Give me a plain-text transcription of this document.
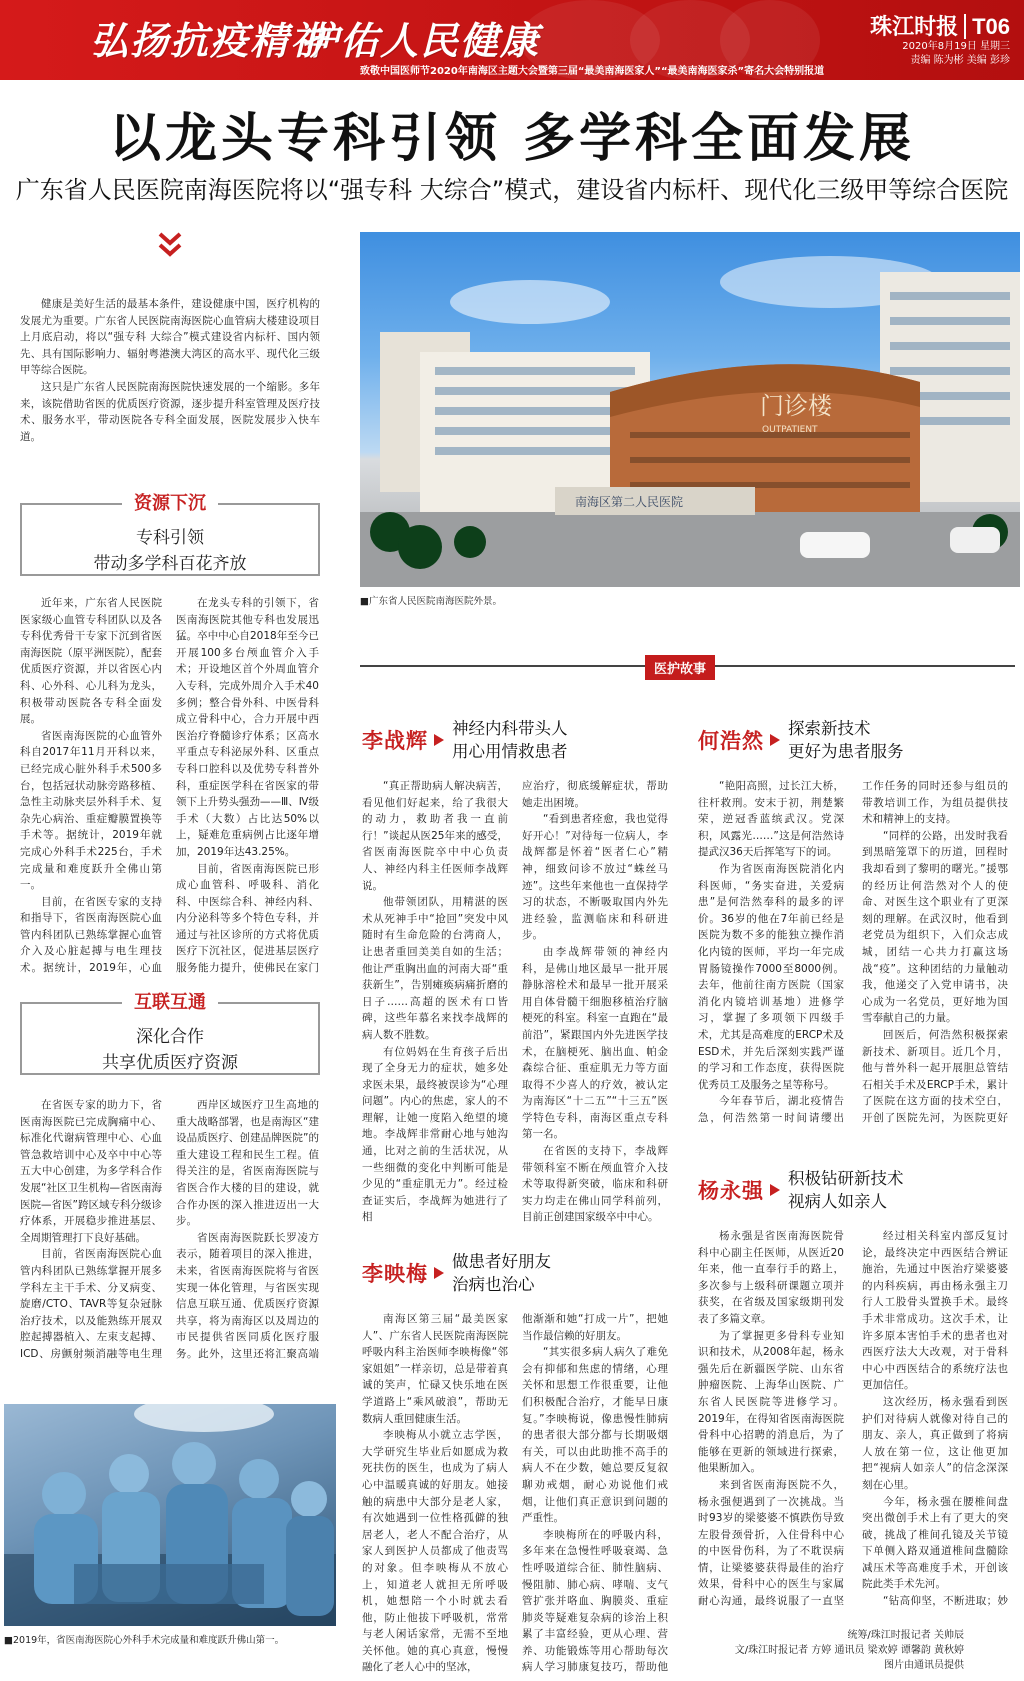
弘扬抗疫精神
护佑人民健康	珠江时报 T06
2020年8月19日 星期三
责编 陈为彬 美编 彭珍
致敬中国医师节2020年南海区主题大会暨第三届“最美南海医家人”“最美南海医家杀”寄名大会特别报道
以龙头专科引领 多学科全面发展
广东省人民医院南海医院将以“强专科 大综合”模式，建设省内标杆、现代化三级甲等综合医院

健康是美好生活的最基本条件，建设健康中国，医疗机构的发展尤为重要。广东省人民医院南海医院心血管病大楼建设项目上月底启动，将以“强专科 大综合”模式建设省内标杆、国内领先、具有国际影响力、辐射粤港澳大湾区的高水平、现代化三级甲等综合医院。

这只是广东省人民医院南海医院快速发展的一个缩影。多年来，该院借助省医的优质医疗资源，逐步提升科室管理及医疗技术、服务水平，带动医院各专科全面发展，医院发展步入快车道。

资源下沉
专科引领
带动多学科百花齐放

近年来，广东省人民医院医家级心血管专科团队以及各专科优秀骨干专家下沉到省医南海医院（原平洲医院），配套优质医疗资源，并以省医心内科、心外科、心儿科为龙头，积极带动医院各专科全面发展。

省医南海医院的心血管外科自2017年11月开科以来，已经完成心脏外科手术500多台，包括冠状动脉旁路移植、急性主动脉夹层外科手术、复杂先心病治、重症瓣膜置换等手术等。据统计，2019年就完成心外科手术225台，手术完成量和难度跃升全佛山第一。

目前，在省医专家的支持和指导下，省医南海医院心血管内科团队已熟练掌握心血管介入及心脏起搏与电生理技术。据统计，2019年，心血

在龙头专科的引领下，省医南海医院其他专科也发展迅猛。卒中中心自2018年至今已开展100多台颅血管介入手术；开设地区首个外周血管介入专科，完成外周介入手术40多例；整合骨外科、中医骨科成立骨科中心，合力开展中西医治疗脊髓诊疗体系；区高水平重点专科泌尿外科、区重点专科口腔科以及优势专科普外科，重症医学科在省医家的带领下上升势头强劲——Ⅲ、Ⅳ级手术（大数）占比达50%以上，疑难危重病例占比逐年增加，2019年达43.25%。

目前，省医南海医院已形成心血管科、呼吸科、消化科、中医综合科、神经内科、内分泌科等多个特色专科，并通过与社区诊所的方式将优质医疗下沉社区，促进基层医疗服务能力提升，使佛民在家门

互联互通
深化合作
共享优质医疗资源

在省医专家的助力下，省医南海医院已完成胸痛中心、标准化代谢病管理中心、心血管急救培训中心及卒中中心等五大中心创建，为多学科合作发展“社区卫生机构—省医南海医院—省医”跨区域专科分级诊疗体系，开展稳步推进基层、全周期管理打下良好基础。

目前，省医南海医院心血管内科团队已熟练掌握开展多学科左主干手术、分叉病变、旋磨/CTO、TAVR等复杂冠脉治疗技术，以及能熟练开展双腔起搏器植入、左束支起搏、ICD、房颤射频消融等电生理

西岸区域医疗卫生高地的重大战略部署，也是南海区“建设品质医疗、创建品牌医院”的重大建设工程和民生工程。值得关注的是，省医南海医院与省医合作大楼的目的建设，就合作办医的深入推进迈出一大步。

省医南海医院跃长罗凌方表示，随着项目的深入推进，未来，省医南海医院将与省医实现一体化管理，与省医实现信息互联互通、优质医疗资源共享，将为南海区以及周边的市民提供省医同质化医疗服务。此外，这里还将汇聚高端

■2019年，省医南海医院心外科手术完成量和难度跃升佛山第一。
门诊楼
OUTPATIENT
南海区第二人民医院
■广东省人民医院南海医院外景。
医护故事
李战辉 神经内科带头人
用心用情救患者

“真正帮助病人解决病苦，看见他们好起来，给了我很大的动力，救助者我一直前行！”谈起从医25年来的感受，省医南海医院卒中中心负责人、神经内科主任医师李战辉说。

他带领团队，用精湛的医术从死神手中“抢回”突发中风随时有生命危险的台湾商人，让患者重回美美自如的生活；他让严重胸出血的河南大哥“重获新生”，告别瘫痪病痛折磨的日子……高超的医术有口皆碑，这些年慕名来找李战辉的病人数不胜数。

有位妈妈在生育孩子后出现了全身无力的症状，她多处求医未果，最终被误诊为“心理问题”。内心的焦虑，家人的不理解，让她一度陷入绝望的境地。李战辉非常耐心地与她沟通，比对之前的生活状况，从一些细微的变化中判断可能是少见的“重症肌无力”。经过检查证实后，李战辉为她进行了相

应治疗，彻底缓解症状，帮助她走出困境。

“看到患者痊愈，我也觉得好开心！”对待每一位病人，李战辉都是怀着“医者仁心”精神，细致问诊不放过“蛛丝马迹”。这些年来他也一直保持学习的状态，不断吸取国内外先进经验，监测临床和科研进步。

由李战辉带领的神经内科，是佛山地区最早一批开展静脉溶栓术和最早一批开展采用自体骨髓干细胞移植治疗脑梗死的科室。科室一直跑在“最前沿”，紧跟国内外先进医学技术，在脑梗死、脑出血、帕金森综合征、重症肌无力等方面取得不少喜人的疗效，被认定为南海区“十二五”“十三五”医学特色专科，南海区重点专科第一名。

在省医的支持下，李战辉带领科室不断在颅血管介入技术等取得新突破，临床和科研实力均走在佛山同学科前列，目前正创建国家级卒中中心。

何浩然 探索新技术
更好为患者服务

“艳阳高照，过长江大桥，往杆救刑。安末于初，荆楚繁荣，逆冠香蓝缤武汉。党深积，风露光……”这是何浩然诗提武汉36天后挥笔写下的词。

作为省医南海医院消化内科医师，“务实奋进，关爱病患”是何浩然奉科的最多的评价。36岁的他在7年前已经是医院为数不多的能独立操作消化内镜的医师，平均一年完成胃肠镜操作7000至8000例。去年，他前往南方医院（国家消化内镜培训基地）进修学习，掌握了多项领下四级手术，尤其是高难度的ERCP术及ESD术，并先后深刻实践严谨的学习和工作态度，获得医院优秀员工及服务之星等称号。

今年春节后，湖北疫情告急，何浩然第一时间请缨出

工作任务的同时还参与组员的带教培训工作，为组员提供技术和精神上的支持。

“同样的公路，出发时我看到黑暗笼罩下的历道，回程时我却看到了黎明的曙光。”援鄂的经历让何浩然对个人的使命、对医生这个职业有了更深刻的理解。在武汉时，他看到老党员为组织下，入们众志成城，团结一心共力打赢这场战“疫”。这种团结的力量触动我，他递交了入党申请书，决心成为一名党员，更好地为国雪奉献自己的力量。

回医后，何浩然积极探索新技术、新项目。近几个月，他与普外科一起开展胆总管结石相关手术及ERCP手术，累计了医院在这方面的技术空白，开创了医院先河，为医院更好

杨永强 积极钻研新技术
视病人如亲人

杨永强是省医南海医院骨科中心副主任医师，从医近20年来，他一直奉行手的路上，多次参与上级科研课题立项并获奖，在省级及国家级期刊发表了多篇文章。

为了掌握更多骨科专业知识和技术，从2008年起，杨永强先后在新疆医学院、山东省肿瘤医院、上海华山医院、广东省人民医院等进修学习。2019年，在得知省医南海医院骨科中心招聘的消息后，为了能够在更新的领域进行探索，他果断加入。

来到省医南海医院不久，杨永强便遇到了一次挑战。当时93岁的梁婆婆不慎跌伤导致左股骨颈骨折，入住骨科中心的中医骨伤科，为了不耽误病情，让梁婆婆获得最佳的治疗效果，骨科中心的医生与家属耐心沟通，最终说服了一直坚

经过相关科室内部反复讨论，最终决定中西医结合辨证施治，先通过中医治疗梁婆婆的内科疾病，再由杨永强主刀行人工股骨头置换手术。最终手术非常成功。这次手术，让许多原本害怕手术的患者也对西医疗法大大改观，对于骨科中心中西医结合的系统疗法也更加信任。

这次经历，杨永强看到医护们对待病人就像对待自己的朋友、亲人，真正做到了将病人放在第一位，这让他更加把“视病人如亲人”的信念深深刻在心里。

今年，杨永强在腰椎间盘突出微创手术上有了更大的突破，挑战了椎间孔镜及关节镜下单侧入路双通道椎间盘髓除减压术等高难度手术，开创该院此类手术先河。

“钻高仰坚，不断进取；妙

李映梅 做患者好朋友
治病也治心

南海区第三届“最美医家人”、广东省人民医院南海医院呼吸内科主治医师李映梅像“邻家姐姐”一样亲切，总是带着真诚的笑声，忙碌又快乐地在医学道路上“乘风破浪”，帮助无数病人重回健康生活。

李映梅从小就立志学医，大学研究生毕业后如愿成为救死扶伤的医生，也成为了病人心中温暖真诚的好朋友。她接触的病患中大部分是老人家，有次她遇到一位性格孤僻的独居老人，老人不配合治疗，从家人到医护人员都成了他责骂的对象。但李映梅从不放心上，知道老人就担无所呼吸机，她想陪一个小时就去看他，防止他拔下呼吸机，常常与老人闲话家常，无需不至地关怀他。她的真心真意，慢慢融化了老人心中的坚冰，

他渐渐和她“打成一片”，把她当作最信赖的好朋友。

“其实很多病人病久了难免会有抑郁和焦虑的情绪，心理关怀和思想工作很重要，让他们积极配合治疗，才能早日康复。”李映梅说，像患慢性肺病的患者很大部分都与长期吸烟有关，可以由此助推不高手的病人不在少数，她总要反复叙聊劝戒烟，耐心劝说他们戒烟，让他们真正意识到问题的严重性。

李映梅所在的呼吸内科，多年来在急慢性呼吸衰竭、急性呼吸道综合征、肺性脑病、慢阻肺、肺心病、哮喘、支气管扩张并咯血、胸膜炎、重症肺炎等疑难复杂病的诊治上积累了丰富经验，更从心理、营养、功能锻炼等用心帮助每次病人学习肺康复技巧，帮助他

统筹/珠江时报记者 关帅辰
文/珠江时报记者 方婷 通讯员 梁欢婷 谭馨韵 黄秋婷
图片由通讯员提供
